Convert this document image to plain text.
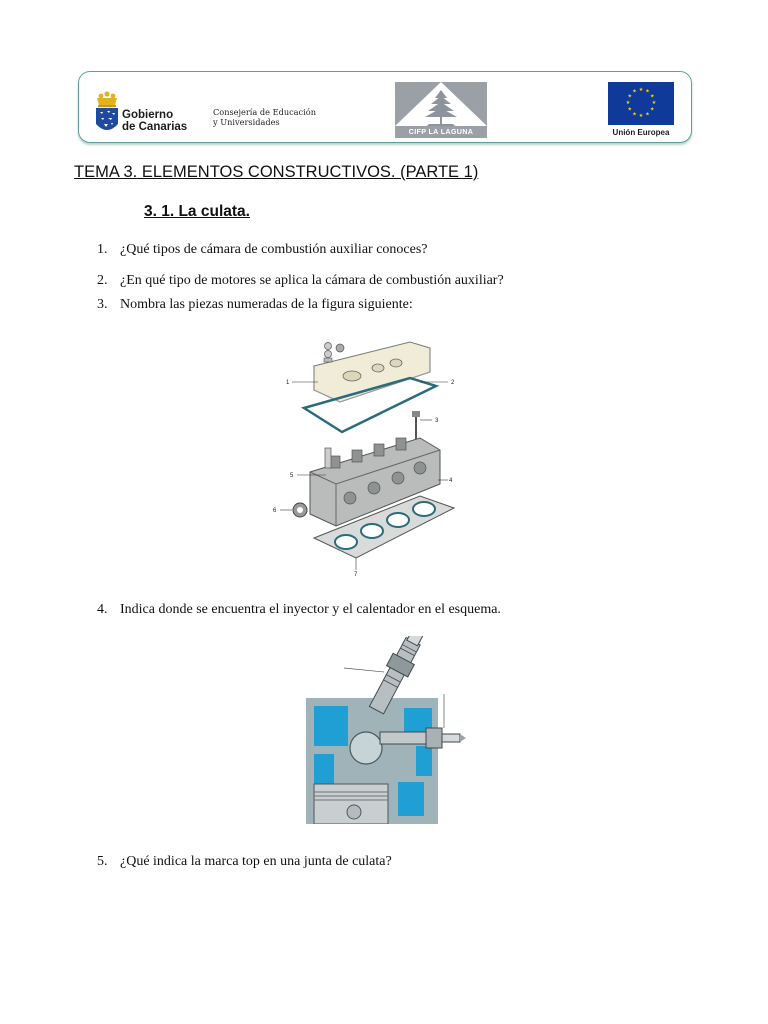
Gobierno
de Canarias
Consejería de Educación
y Universidades
CIFP LA LAGUNA
★ ★
★
★
★
★
★
★
★
★
★
★
Unión Europea
TEMA 3. ELEMENTOS CONSTRUCTIVOS. (PARTE 1)
3. 1. La culata.
1. ¿Qué tipos de cámara de combustión auxiliar conoces?
2. ¿En qué tipo de motores se aplica la cámara de combustión auxiliar?
3. Nombra las piezas numeradas de la figura siguiente:
1	2
3
4
5
6
7
4. Indica donde se encuentra el inyector y el calentador en el esquema.
5. ¿Qué indica la marca top en una junta de culata?
